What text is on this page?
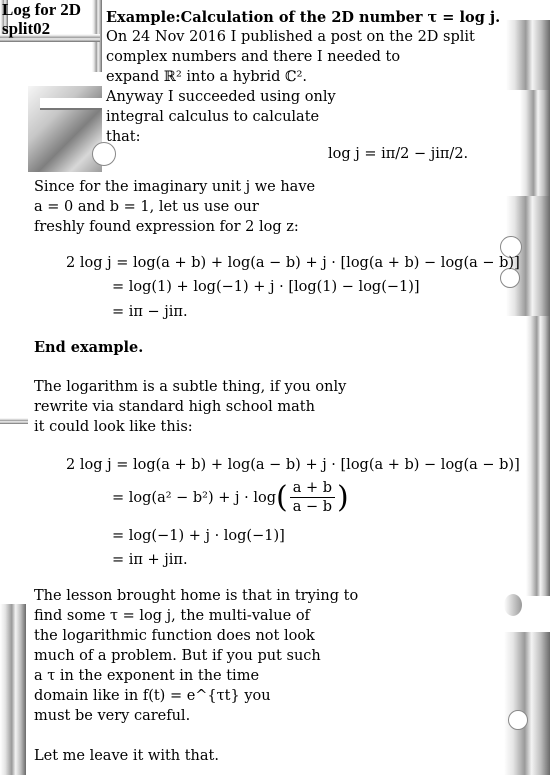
Log for 2D
split02
Example:Calculation of the 2D number τ = log j.
On 24 Nov 2016 I published a post on the 2D split
complex numbers and there I needed to
expand ℝ² into a hybrid ℂ².
Anyway I succeeded using only
integral calculus to calculate
that:
log j = iπ/2 − jiπ/2.
Since for the imaginary unit j we have
a = 0 and b = 1, let us use our
freshly found expression for 2 log z:
2 log j = log(a + b) + log(a − b) + j · [log(a + b) − log(a − b)]
= log(1) + log(−1) + j · [log(1) − log(−1)]
= iπ − jiπ.
End example.
The logarithm is a subtle thing, if you only
rewrite via standard high school math
it could look like this:
2 log j = log(a + b) + log(a − b) + j · [log(a + b) − log(a − b)]
= log(a² − b²) + j · log ( $\frac{a + b}{a - b}$ )
= log(−1) + j · log(−1)]
= iπ + jiπ.
The lesson brought home is that in trying to
find some τ = log j, the multi-value of
the logarithmic function does not look
much of a problem. But if you put such
a τ in the exponent in the time
domain like in f(t) = e^{τt} you
must be very careful.
Let me leave it with that.
